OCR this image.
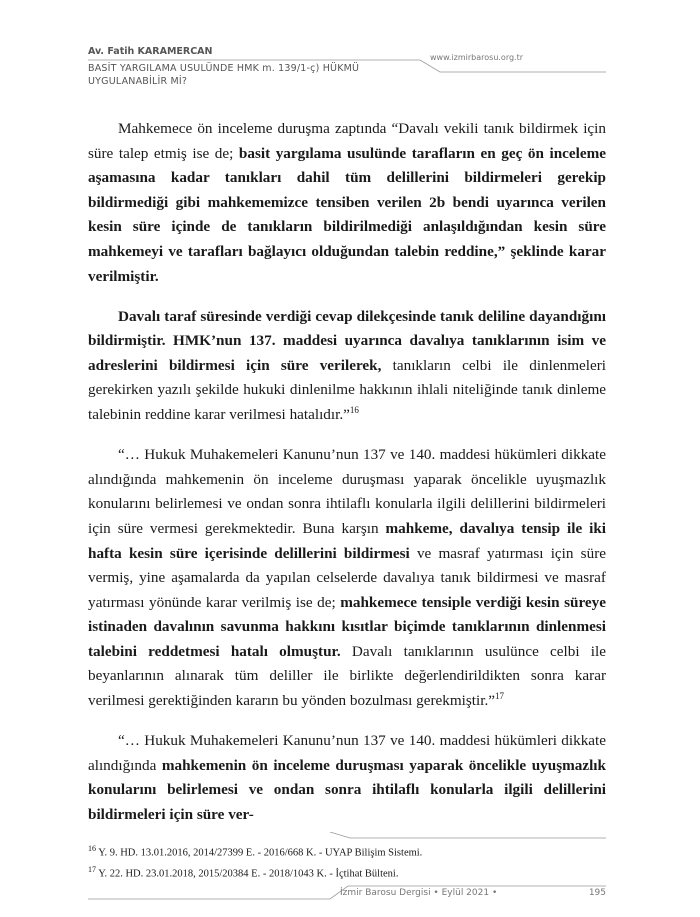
Av. Fatih KARAMERCAN
BASİT YARGILAMA USULÜNDE HMK m. 139/1-ç) HÜKMÜ UYGULANABİLİR Mİ?
www.izmirbarosu.org.tr

Mahkemece ön inceleme duruşma zaptında “Davalı vekili tanık bildirmek için süre talep etmiş ise de; basit yargılama usulünde tarafların en geç ön inceleme aşamasına kadar tanıkları dahil tüm delillerini bildirmeleri gerekip bildirmediği gibi mahkememizce tensiben verilen 2b bendi uyarınca verilen kesin süre içinde de tanıkların bildirilmediği anlaşıldığından kesin süre mahkemeyi ve tarafları bağlayıcı olduğundan talebin reddine,” şeklinde karar verilmiştir.

Davalı taraf süresinde verdiği cevap dilekçesinde tanık deliline dayandığını bildirmiştir. HMK’nun 137. maddesi uyarınca davalıya tanıklarının isim ve adreslerini bildirmesi için süre verilerek, tanıkların celbi ile dinlenmeleri gerekirken yazılı şekilde hukuki dinlenilme hakkının ihlali niteliğinde tanık dinleme talebinin reddine karar verilmesi hatalıdır.”$^{16}$

“… Hukuk Muhakemeleri Kanunu’nun 137 ve 140. maddesi hükümleri dikkate alındığında mahkemenin ön inceleme duruşması yaparak öncelikle uyuşmazlık konularını belirlemesi ve ondan sonra ihtilaflı konularla ilgili delillerini bildirmeleri için süre vermesi gerekmektedir. Buna karşın mahkeme, davalıya tensip ile iki hafta kesin süre içerisinde delillerini bildirmesi ve masraf yatırması için süre vermiş, yine aşamalarda da yapılan celselerde davalıya tanık bildirmesi ve masraf yatırması yönünde karar verilmiş ise de; mahkemece tensiple verdiği kesin süreye istinaden davalının savunma hakkını kısıtlar biçimde tanıklarının dinlenmesi talebini reddetmesi hatalı olmuştur. Davalı tanıklarının usulünce celbi ile beyanlarının alınarak tüm deliller ile birlikte değerlendirildikten sonra karar verilmesi gerektiğinden kararın bu yönden bozulması gerekmiştir.”$^{17}$

“… Hukuk Muhakemeleri Kanunu’nun 137 ve 140. maddesi hükümleri dikkate alındığında mahkemenin ön inceleme duruşması yaparak öncelikle uyuşmazlık konularını belirlemesi ve ondan sonra ihtilaflı konularla ilgili delillerini bildirmeleri için süre ver-

$^{16}$ Y. 9. HD. 13.01.2016, 2014/27399 E. - 2016/668 K. - UYAP Bilişim Sistemi.
$^{17}$ Y. 22. HD. 23.01.2018, 2015/20384 E. - 2018/1043 K. - İçtihat Bülteni.
İzmir Barosu Dergisi • Eylül 2021 •	195
